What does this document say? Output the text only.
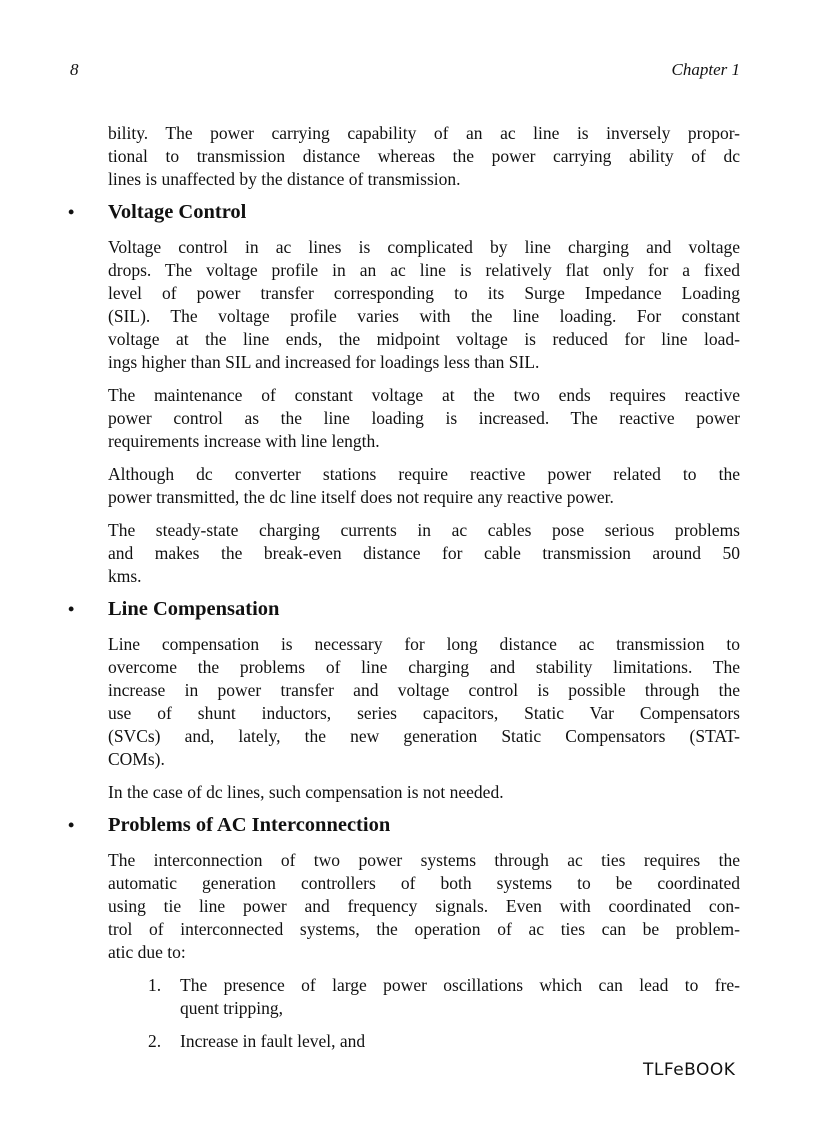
8	Chapter 1
bility. The power carrying capability of an ac line is inversely propor-
tional to transmission distance whereas the power carrying ability of dc
lines is unaffected by the distance of transmission.
• Voltage Control
Voltage control in ac lines is complicated by line charging and voltage
drops. The voltage profile in an ac line is relatively flat only for a fixed
level of power transfer corresponding to its Surge Impedance Loading
(SIL). The voltage profile varies with the line loading. For constant
voltage at the line ends, the midpoint voltage is reduced for line load-
ings higher than SIL and increased for loadings less than SIL.
The maintenance of constant voltage at the two ends requires reactive
power control as the line loading is increased. The reactive power
requirements increase with line length.
Although dc converter stations require reactive power related to the
power transmitted, the dc line itself does not require any reactive power.
The steady-state charging currents in ac cables pose serious problems
and makes the break-even distance for cable transmission around 50
kms.
• Line Compensation
Line compensation is necessary for long distance ac transmission to
overcome the problems of line charging and stability limitations. The
increase in power transfer and voltage control is possible through the
use of shunt inductors, series capacitors, Static Var Compensators
(SVCs) and, lately, the new generation Static Compensators (STAT-
COMs).
In the case of dc lines, such compensation is not needed.
• Problems of AC Interconnection
The interconnection of two power systems through ac ties requires the
automatic generation controllers of both systems to be coordinated
using tie line power and frequency signals. Even with coordinated con-
trol of interconnected systems, the operation of ac ties can be problem-
atic due to:
1. The presence of large power oscillations which can lead to fre-
quent tripping,
2. Increase in fault level, and
TLFeBOOK
